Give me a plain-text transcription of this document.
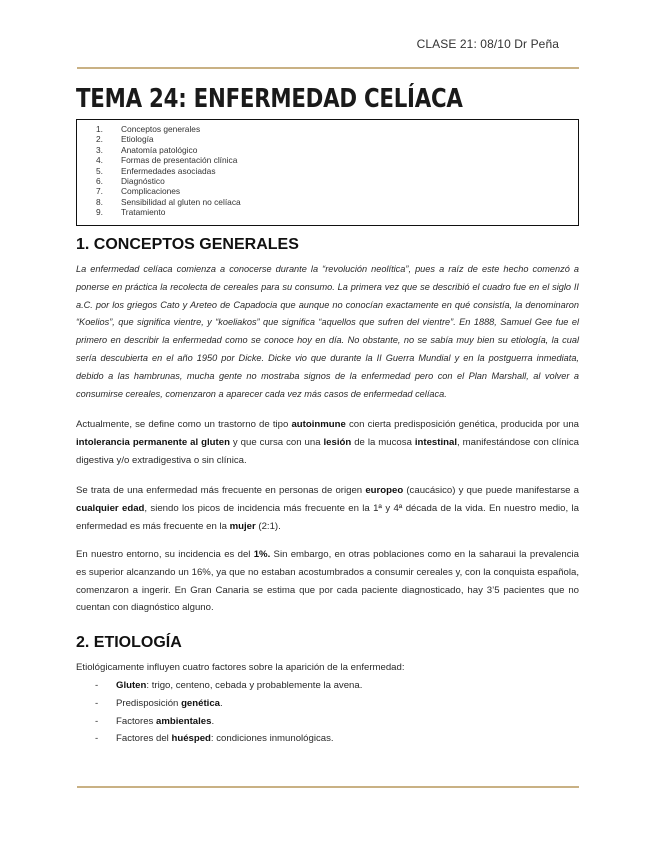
CLASE 21: 08/10 Dr Peña
TEMA 24: ENFERMEDAD CELÍACA
1.	Conceptos generales
2.	Etiología
3.	Anatomía patológico
4.	Formas de presentación clínica
5.	Enfermedades asociadas
6.	Diagnóstico
7.	Complicaciones
8.	Sensibilidad al gluten no celíaca
9.	Tratamiento
1. CONCEPTOS GENERALES

La enfermedad celíaca comienza a conocerse durante la “revolución neolítica”, pues a raíz de este hecho comenzó a ponerse en práctica la recolecta de cereales para su consumo. La primera vez que se describió el cuadro fue en el siglo II a.C. por los griegos Cato y Areteo de Capadocia que aunque no conocían exactamente en qué consistía, la denominaron “Koelios”, que significa vientre, y “koeliakos” que significa “aquellos que sufren del vientre”. En 1888, Samuel Gee fue el primero en describir la enfermedad como se conoce hoy en día. No obstante, no se sabía muy bien su etiología, la cual sería descubierta en el año 1950 por Dicke. Dicke vio que durante la II Guerra Mundial y en la postguerra inmediata, debido a las hambrunas, mucha gente no mostraba signos de la enfermedad pero con el Plan Marshall, al volver a consumirse cereales, comenzaron a aparecer cada vez más casos de enfermedad celíaca.

Actualmente, se define como un trastorno de tipo autoinmune con cierta predisposición genética, producida por una intolerancia permanente al gluten y que cursa con una lesión de la mucosa intestinal, manifestándose con clínica digestiva y/o extradigestiva o sin clínica.

Se trata de una enfermedad más frecuente en personas de origen europeo (caucásico) y que puede manifestarse a cualquier edad, siendo los picos de incidencia más frecuente en la 1ª y 4ª década de la vida. En nuestro medio, la enfermedad es más frecuente en la mujer (2:1).

En nuestro entorno, su incidencia es del 1%. Sin embargo, en otras poblaciones como en la saharaui la prevalencia es superior alcanzando un 16%, ya que no estaban acostumbrados a consumir cereales y, con la conquista española, comenzaron a ingerir. En Gran Canaria se estima que por cada paciente diagnosticado, hay 3’5 pacientes que no cuentan con diagnóstico alguno.

2. ETIOLOGÍA

Etiológicamente influyen cuatro factores sobre la aparición de la enfermedad:

-	Gluten: trigo, centeno, cebada y probablemente la avena.
-	Predisposición genética.
-	Factores ambientales.
-	Factores del huésped: condiciones inmunológicas.
